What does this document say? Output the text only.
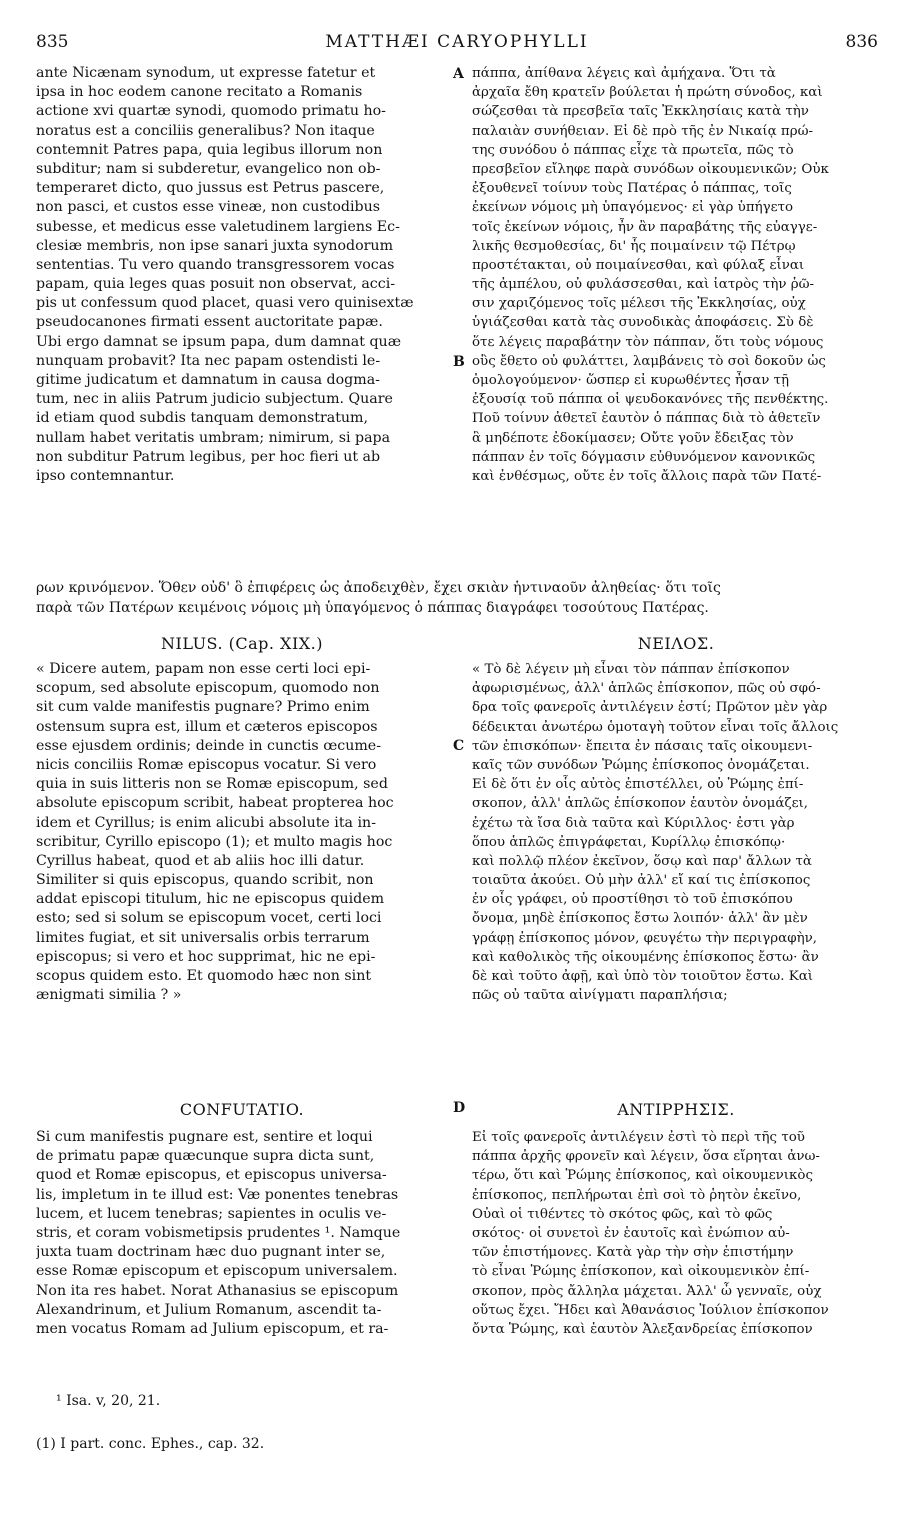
835	MATTHÆI CARYOPHYLLI	836
ante Nicænam synodum, ut expresse fatetur et
ipsa in hoc eodem canone recitato a Romanis
actione xvi quartæ synodi, quomodo primatu ho-
noratus est a conciliis generalibus? Non itaque
contemnit Patres papa, quia legibus illorum non
subditur; nam si subderetur, evangelico non ob-
temperaret dicto, quo jussus est Petrus pascere,
non pasci, et custos esse vineæ, non custodibus
subesse, et medicus esse valetudinem largiens Ec-
clesiæ membris, non ipse sanari juxta synodorum
sententias. Tu vero quando transgressorem vocas
papam, quia leges quas posuit non observat, acci-
pis ut confessum quod placet, quasi vero quinisextæ
pseudocanones firmati essent auctoritate papæ.
Ubi ergo damnat se ipsum papa, dum damnat quæ
nunquam probavit? Ita nec papam ostendisti le-
gitime judicatum et damnatum in causa dogma-
tum, nec in aliis Patrum judicio subjectum. Quare
id etiam quod subdis tanquam demonstratum,
nullam habet veritatis umbram; nimirum, si papa
non subditur Patrum legibus, per hoc fieri ut ab
ipso contemnantur.
πάππα, ἀπίθανα λέγεις καὶ ἀμήχανα. Ὅτι τὰ
ἀρχαῖα ἔθη κρατεῖν βούλεται ἡ πρώτη σύνοδος, καὶ
σώζεσθαι τὰ πρεσβεῖα ταῖς Ἐκκλησίαις κατὰ τὴν
παλαιὰν συνήθειαν. Εἰ δὲ πρὸ τῆς ἐν Νικαίᾳ πρώ-
της συνόδου ὁ πάππας εἶχε τὰ πρωτεῖα, πῶς τὸ
πρεσβεῖον εἴληφε παρὰ συνόδων οἰκουμενικῶν; Οὐκ
ἐξουθενεῖ τοίνυν τοὺς Πατέρας ὁ πάππας, τοῖς
ἐκείνων νόμοις μὴ ὑπαγόμενος· εἰ γὰρ ὑπήγετο
τοῖς ἐκείνων νόμοις, ἦν ἂν παραβάτης τῆς εὐαγγε-
λικῆς θεσμοθεσίας, δι' ἧς ποιμαίνειν τῷ Πέτρῳ
προστέτακται, οὐ ποιμαίνεσθαι, καὶ φύλαξ εἶναι
τῆς ἀμπέλου, οὐ φυλάσσεσθαι, καὶ ἰατρὸς τὴν ῥῶ-
σιν χαριζόμενος τοῖς μέλεσι τῆς Ἐκκλησίας, οὐχ
ὑγιάζεσθαι κατὰ τὰς συνοδικὰς ἀποφάσεις. Σὺ δὲ
ὅτε λέγεις παραβάτην τὸν πάππαν, ὅτι τοὺς νόμους
οὓς ἔθετο οὐ φυλάττει, λαμβάνεις τὸ σοὶ δοκοῦν ὡς
ὁμολογούμενον· ὥσπερ εἰ κυρωθέντες ἦσαν τῇ
ἐξουσίᾳ τοῦ πάππα οἱ ψευδοκανόνες τῆς πενθέκτης.
Ποῦ τοίνυν ἀθετεῖ ἑαυτὸν ὁ πάππας διὰ τὸ ἀθετεῖν
ἃ μηδέποτε ἐδοκίμασεν; Οὔτε γοῦν ἔδειξας τὸν
πάππαν ἐν τοῖς δόγμασιν εὐθυνόμενον κανονικῶς
καὶ ἐνθέσμως, οὔτε ἐν τοῖς ἄλλοις παρὰ τῶν Πατέ-
A
B
ρων κρινόμενον. Ὅθεν οὐδ' ὃ ἐπιφέρεις ὡς ἀποδειχθὲν, ἔχει σκιὰν ἡντιναοῦν ἀληθείας· ὅτι τοῖς
παρὰ τῶν Πατέρων κειμένοις νόμοις μὴ ὑπαγόμενος ὁ πάππας διαγράφει τοσούτους Πατέρας.
NILUS. (Cap. XIX.)	ΝΕΙΛΟΣ.
« Dicere autem, papam non esse certi loci epi-
scopum, sed absolute episcopum, quomodo non
sit cum valde manifestis pugnare? Primo enim
ostensum supra est, illum et cæteros episcopos
esse ejusdem ordinis; deinde in cunctis œcume-
nicis conciliis Romæ episcopus vocatur. Si vero
quia in suis litteris non se Romæ episcopum, sed
absolute episcopum scribit, habeat propterea hoc
idem et Cyrillus; is enim alicubi absolute ita in-
scribitur, Cyrillo episcopo (1); et multo magis hoc
Cyrillus habeat, quod et ab aliis hoc illi datur.
Similiter si quis episcopus, quando scribit, non
addat episcopi titulum, hic ne episcopus quidem
esto; sed si solum se episcopum vocet, certi loci
limites fugiat, et sit universalis orbis terrarum
episcopus; si vero et hoc supprimat, hic ne epi-
scopus quidem esto. Et quomodo hæc non sint
ænigmati similia ? »
« Τὸ δὲ λέγειν μὴ εἶναι τὸν πάππαν ἐπίσκοπον
ἀφωρισμένως, ἀλλ' ἁπλῶς ἐπίσκοπον, πῶς οὐ σφό-
δρα τοῖς φανεροῖς ἀντιλέγειν ἐστί; Πρῶτον μὲν γὰρ
δέδεικται ἀνωτέρω ὁμοταγὴ τοῦτον εἶναι τοῖς ἄλλοις
τῶν ἐπισκόπων· ἔπειτα ἐν πάσαις ταῖς οἰκουμενι-
καῖς τῶν συνόδων Ῥώμης ἐπίσκοπος ὀνομάζεται.
Εἰ δὲ ὅτι ἐν οἷς αὐτὸς ἐπιστέλλει, οὐ Ῥώμης ἐπί-
σκοπον, ἀλλ' ἁπλῶς ἐπίσκοπον ἑαυτὸν ὀνομάζει,
ἐχέτω τὰ ἴσα διὰ ταῦτα καὶ Κύριλλος· ἐστι γὰρ
ὅπου ἁπλῶς ἐπιγράφεται, Κυρίλλῳ ἐπισκόπῳ·
καὶ πολλῷ πλέον ἐκεῖνον, ὅσῳ καὶ παρ' ἄλλων τὰ
τοιαῦτα ἀκούει. Οὐ μὴν ἀλλ' εἴ καί τις ἐπίσκοπος
ἐν οἷς γράφει, οὐ προστίθησι τὸ τοῦ ἐπισκόπου
ὄνομα, μηδὲ ἐπίσκοπος ἔστω λοιπόν· ἀλλ' ἂν μὲν
γράφῃ ἐπίσκοπος μόνον, φευγέτω τὴν περιγραφὴν,
καὶ καθολικὸς τῆς οἰκουμένης ἐπίσκοπος ἔστω· ἂν
δὲ καὶ τοῦτο ἀφῇ, καὶ ὑπὸ τὸν τοιοῦτον ἔστω. Καὶ
πῶς οὐ ταῦτα αἰνίγματι παραπλήσια;
C
D
CONFUTATIO.	ΑΝΤΙΡΡΗΣΙΣ.
Si cum manifestis pugnare est, sentire et loqui
de primatu papæ quæcunque supra dicta sunt,
quod et Romæ episcopus, et episcopus universa-
lis, impletum in te illud est: Væ ponentes tenebras
lucem, et lucem tenebras; sapientes in oculis ve-
stris, et coram vobismetipsis prudentes ¹. Namque
juxta tuam doctrinam hæc duo pugnant inter se,
esse Romæ episcopum et episcopum universalem.
Non ita res habet. Norat Athanasius se episcopum
Alexandrinum, et Julium Romanum, ascendit ta-
men vocatus Romam ad Julium episcopum, et ra-
Εἰ τοῖς φανεροῖς ἀντιλέγειν ἐστὶ τὸ περὶ τῆς τοῦ
πάππα ἀρχῆς φρονεῖν καὶ λέγειν, ὅσα εἴρηται ἀνω-
τέρω, ὅτι καὶ Ῥώμης ἐπίσκοπος, καὶ οἰκουμενικὸς
ἐπίσκοπος, πεπλήρωται ἐπὶ σοὶ τὸ ῥητὸν ἐκεῖνο,
Οὐαὶ οἱ τιθέντες τὸ σκότος φῶς, καὶ τὸ φῶς
σκότος· οἱ συνετοὶ ἐν ἑαυτοῖς καὶ ἐνώπιον αὐ-
τῶν ἐπιστήμονες. Κατὰ γὰρ τὴν σὴν ἐπιστήμην
τὸ εἶναι Ῥώμης ἐπίσκοπον, καὶ οἰκουμενικὸν ἐπί-
σκοπον, πρὸς ἄλληλα μάχεται. Ἀλλ' ὦ γενναῖε, οὐχ
οὕτως ἔχει. Ἤδει καὶ Ἀθανάσιος Ἰούλιον ἐπίσκοπον
ὄντα Ῥώμης, καὶ ἑαυτὸν Ἀλεξανδρείας ἐπίσκοπον
¹ Isa. v, 20, 21.
(1) I part. conc. Ephes., cap. 32.
